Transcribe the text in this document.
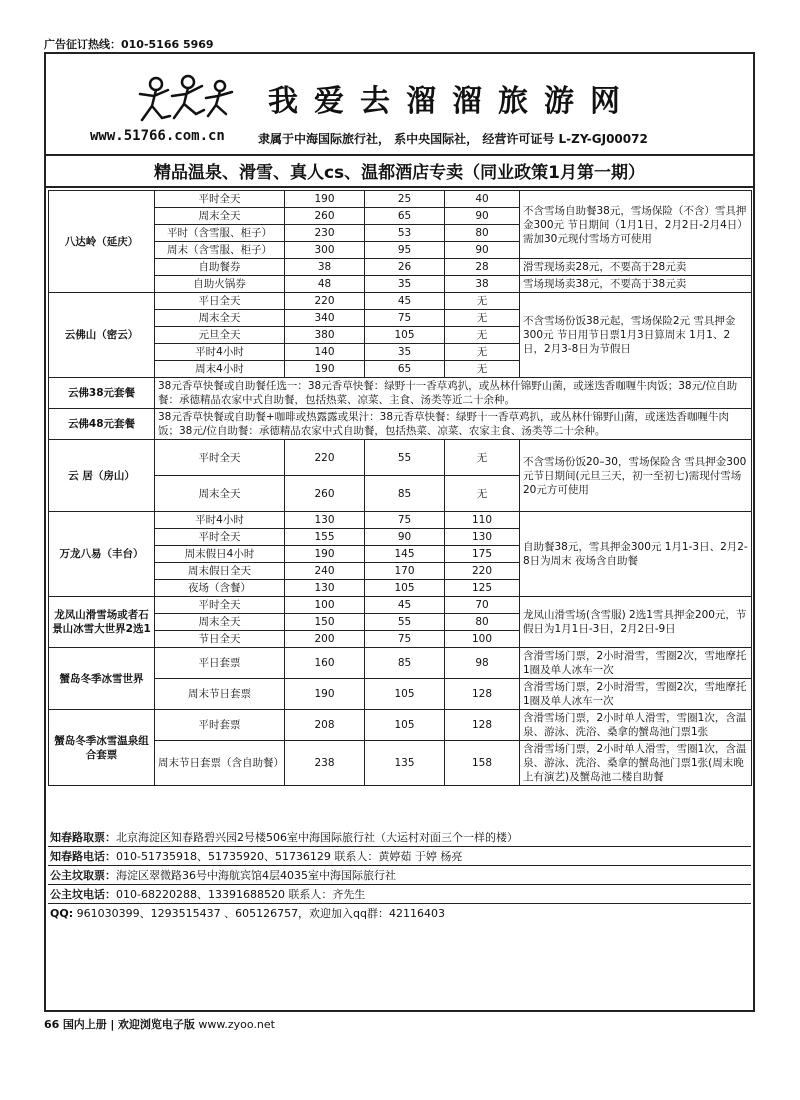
广告征订热线：010-5166 5969
我爱去溜溜旅游网
www.51766.com.cn	隶属于中海国际旅行社， 系中央国际社， 经营许可证号 L-ZY-GJ00072
精品温泉、滑雪、真人cs、温都酒店专卖（同业政策1月第一期）
八达岭（延庆）	平时全天	190	25	40	不含雪场自助餐38元，雪场保险（不含）雪具押金300元 节日期间（1月1日，2月2日-2月4日）需加30元现付雪场方可使用
	周末全天	260	65	90	
	平时（含雪服、柜子）	230	53	80	
	周末（含雪服、柜子）	300	95	90	
	自助餐券	38	26	28	滑雪现场卖28元，不要高于28元卖
	自助火锅券	48	35	38	雪场现场卖38元，不要高于38元卖
云佛山（密云）	平日全天	220	45	无	不含雪场份饭38元起，雪场保险2元 雪具押金300元 节日用节日票1月3日算周末 1月1、2日，2月3-8日为节假日
	周末全天	340	75	无	
	元旦全天	380	105	无	
	平时4小时	140	35	无	
	周末4小时	190	65	无	
云佛38元套餐	38元香草快餐或自助餐任选一：38元香草快餐：绿野十一香草鸡扒，或丛林什锦野山菌，或迷迭香咖喱牛肉饭；38元/位自助餐：承德精品农家中式自助餐，包括热菜、凉菜、主食、汤类等近二十余种。				
云佛48元套餐	38元香草快餐或自助餐+咖啡或热露露或果汁：38元香草快餐：绿野十一香草鸡扒，或丛林什锦野山菌，或迷迭香咖喱牛肉饭；38元/位自助餐：承德精品农家中式自助餐，包括热菜、凉菜、农家主食、汤类等二十余种。				
云 居（房山）	平时全天	220	55	无	不含雪场份饭20–30，雪场保险含 雪具押金300元节日期间(元旦三天，初一至初七)需现付雪场20元方可使用
	周末全天	260	85	无	
万龙八易（丰台）	平时4小时	130	75	110	自助餐38元，雪具押金300元 1月1-3日、2月2-8日为周末 夜场含自助餐
	平时全天	155	90	130	
	周末假日4小时	190	145	175	
	周末假日全天	240	170	220	
	夜场（含餐）	130	105	125	
龙凤山滑雪场或者石景山冰雪大世界2选1	平时全天	100	45	70	龙凤山滑雪场(含雪服) 2选1雪具押金200元，节假日为1月1日-3日，2月2日-9日
	周末全天	150	55	80	
	节日全天	200	75	100	
蟹岛冬季冰雪世界	平日套票	160	85	98	含滑雪场门票，2小时滑雪，雪圈2次，雪地摩托1圈及单人冰车一次
	周末节日套票	190	105	128	含滑雪场门票，2小时滑雪，雪圈2次，雪地摩托1圈及单人冰车一次
蟹岛冬季冰雪温泉组合套票	平时套票	208	105	128	含滑雪场门票，2小时单人滑雪，雪圈1次，含温泉、游泳、洗浴、桑拿的蟹岛池门票1张
	周末节日套票（含自助餐）	238	135	158	含滑雪场门票，2小时单人滑雪，雪圈1次，含温泉、游泳、洗浴、桑拿的蟹岛池门票1张(周末晚上有演艺)及蟹岛池二楼自助餐
知春路取票：北京海淀区知春路碧兴园2号楼506室中海国际旅行社（大运村对面三个一样的楼）
知春路电话：010-51735918、51735920、51736129 联系人：黄婷茹 于婷 杨亮
公主坟取票：海淀区翠微路36号中海航宾馆4层4035室中海国际旅行社
公主坟电话：010-68220288、13391688520 联系人：齐先生
QQ: 961030399、1293515437 、605126757，欢迎加入qq群：42116403
66 国内上册 | 欢迎浏览电子版 www.zyoo.net
